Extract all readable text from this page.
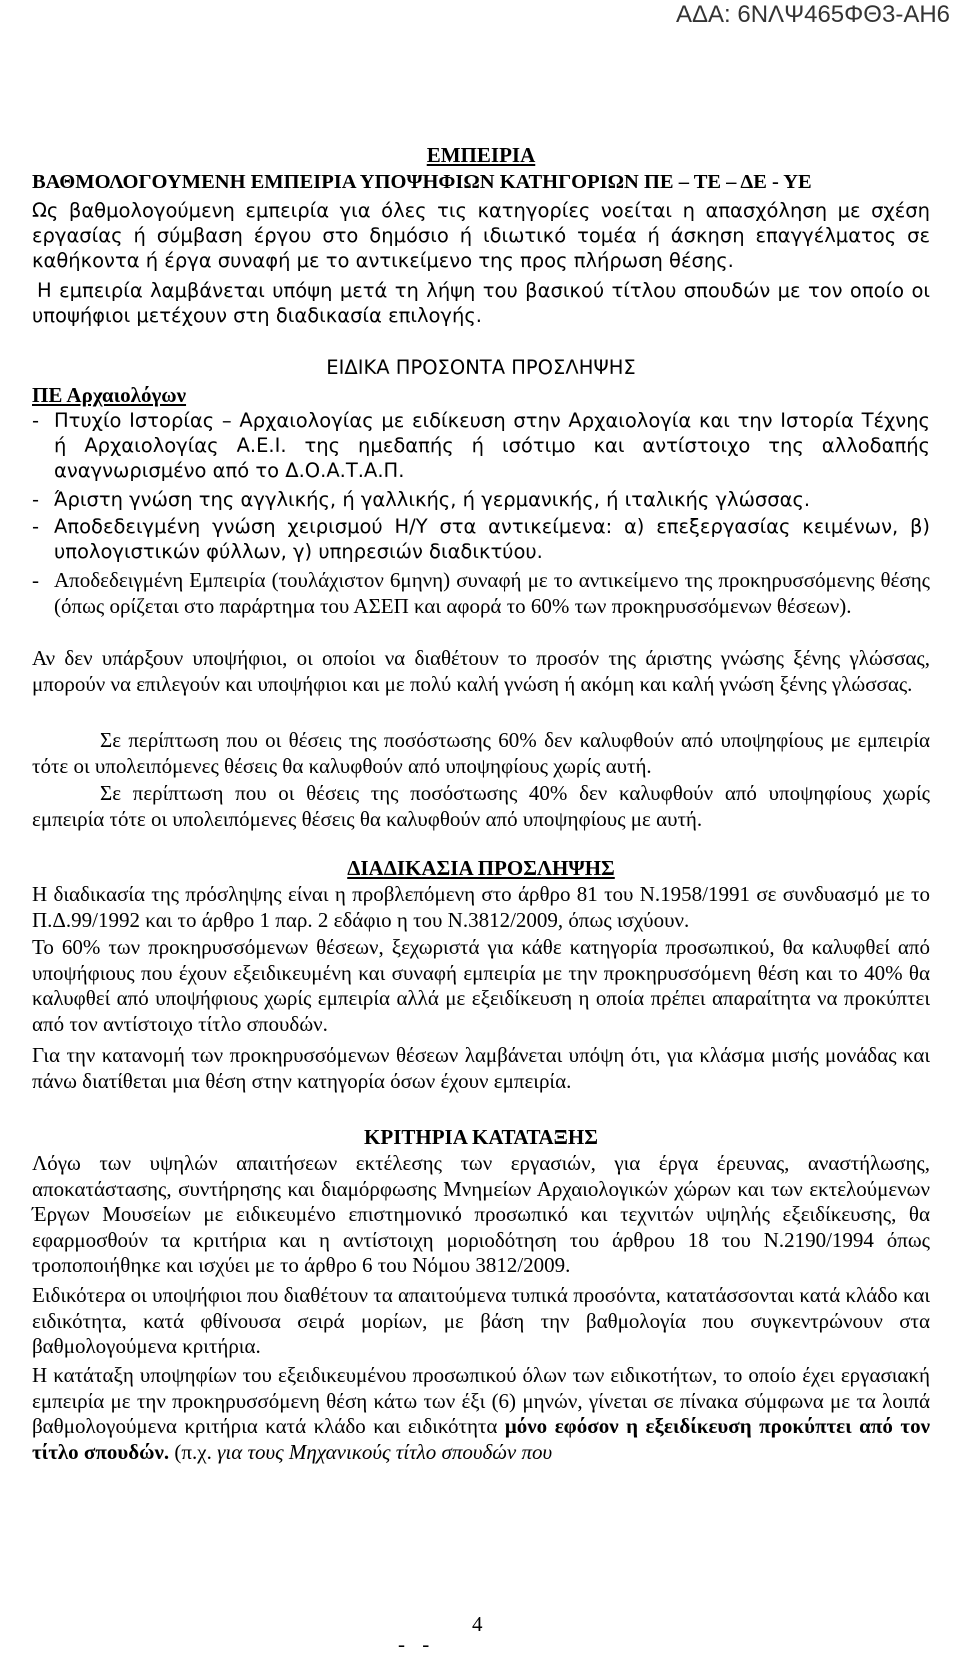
ΑΔΑ: 6ΝΛΨ465ΦΘ3-ΑΗ6
ΕΜΠΕΙΡΙΑ
ΒΑΘΜΟΛΟΓΟΥΜΕΝΗ ΕΜΠΕΙΡΙΑ ΥΠΟΨΗΦΙΩΝ ΚΑΤΗΓΟΡΙΩΝ ΠΕ – ΤΕ – ΔΕ - ΥΕ
Ως βαθμολογούμενη εμπειρία για όλες τις κατηγορίες νοείται η απασχόληση με σχέση εργασίας ή σύμβαση έργου στο δημόσιο ή ιδιωτικό τομέα ή άσκηση επαγγέλματος σε καθήκοντα ή έργα συναφή με το αντικείμενο της προς πλήρωση θέσης.
Η εμπειρία λαμβάνεται υπόψη μετά τη λήψη του βασικού τίτλου σπουδών με τον οποίο οι υποψήφιοι μετέχουν στη διαδικασία επιλογής.
ΕΙΔΙΚΑ ΠΡΟΣΟΝΤΑ ΠΡΟΣΛΗΨΗΣ
ΠΕ Αρχαιολόγων
- Πτυχίο Ιστορίας – Αρχαιολογίας με ειδίκευση στην Αρχαιολογία και την Ιστορία Τέχνης ή Αρχαιολογίας Α.Ε.Ι. της ημεδαπής ή ισότιμο και αντίστοιχο της αλλοδαπής αναγνωρισμένο από το Δ.Ο.Α.Τ.Α.Π.
- Άριστη γνώση της αγγλικής, ή γαλλικής, ή γερμανικής, ή ιταλικής γλώσσας.
- Αποδεδειγμένη γνώση χειρισμού Η/Υ στα αντικείμενα: α) επεξεργασίας κειμένων, β) υπολογιστικών φύλλων, γ) υπηρεσιών διαδικτύου.
- Αποδεδειγμένη Εμπειρία (τουλάχιστον 6μηνη) συναφή με το αντικείμενο της προκηρυσσόμενης θέσης (όπως ορίζεται στο παράρτημα του ΑΣΕΠ και αφορά το 60% των προκηρυσσόμενων θέσεων).
Αν δεν υπάρξουν υποψήφιοι, οι οποίοι να διαθέτουν το προσόν της άριστης γνώσης ξένης γλώσσας, μπορούν να επιλεγούν και υποψήφιοι και με πολύ καλή γνώση ή ακόμη και καλή γνώση ξένης γλώσσας.
Σε περίπτωση που οι θέσεις της ποσόστωσης 60% δεν καλυφθούν από υποψηφίους με εμπειρία τότε οι υπολειπόμενες θέσεις θα καλυφθούν από υποψηφίους χωρίς αυτή.
Σε περίπτωση που οι θέσεις της ποσόστωσης 40% δεν καλυφθούν από υποψηφίους χωρίς εμπειρία τότε οι υπολειπόμενες θέσεις θα καλυφθούν από υποψηφίους με αυτή.
ΔΙΑΔΙΚΑΣΙΑ ΠΡΟΣΛΗΨΗΣ
Η διαδικασία της πρόσληψης είναι η προβλεπόμενη στο άρθρο 81 του Ν.1958/1991 σε συνδυασμό με το Π.Δ.99/1992 και το άρθρο 1 παρ. 2 εδάφιο η του Ν.3812/2009, όπως ισχύουν.
Το 60% των προκηρυσσόμενων θέσεων, ξεχωριστά για κάθε κατηγορία προσωπικού, θα καλυφθεί από υποψήφιους που έχουν εξειδικευμένη και συναφή εμπειρία με την προκηρυσσόμενη θέση και το 40% θα καλυφθεί από υποψήφιους χωρίς εμπειρία αλλά με εξειδίκευση η οποία πρέπει απαραίτητα να προκύπτει από τον αντίστοιχο τίτλο σπουδών.
Για την κατανομή των προκηρυσσόμενων θέσεων λαμβάνεται υπόψη ότι, για κλάσμα μισής μονάδας και πάνω διατίθεται μια θέση στην κατηγορία όσων έχουν εμπειρία.
ΚΡΙΤΗΡΙΑ ΚΑΤΑΤΑΞΗΣ
Λόγω των υψηλών απαιτήσεων εκτέλεσης των εργασιών, για έργα έρευνας, αναστήλωσης, αποκατάστασης, συντήρησης και διαμόρφωσης Μνημείων Αρχαιολογικών χώρων και των εκτελούμενων Έργων Μουσείων με ειδικευμένο επιστημονικό προσωπικό και τεχνιτών υψηλής εξειδίκευσης, θα εφαρμοσθούν τα κριτήρια και η αντίστοιχη μοριοδότηση του άρθρου 18 του Ν.2190/1994 όπως τροποποιήθηκε και ισχύει με το άρθρο 6 του Νόμου 3812/2009.
Ειδικότερα οι υποψήφιοι που διαθέτουν τα απαιτούμενα τυπικά προσόντα, κατατάσσονται κατά κλάδο και ειδικότητα, κατά φθίνουσα σειρά μορίων, με βάση την βαθμολογία που συγκεντρώνουν στα βαθμολογούμενα κριτήρια.
Η κατάταξη υποψηφίων του εξειδικευμένου προσωπικού όλων των ειδικοτήτων, το οποίο έχει εργασιακή εμπειρία με την προκηρυσσόμενη θέση κάτω των έξι (6) μηνών, γίνεται σε πίνακα σύμφωνα με τα λοιπά βαθμολογούμενα κριτήρια κατά κλάδο και ειδικότητα μόνο εφόσον η εξειδίκευση προκύπτει από τον τίτλο σπουδών. (π.χ. για τους Μηχανικούς τίτλο σπουδών που
- -
4
